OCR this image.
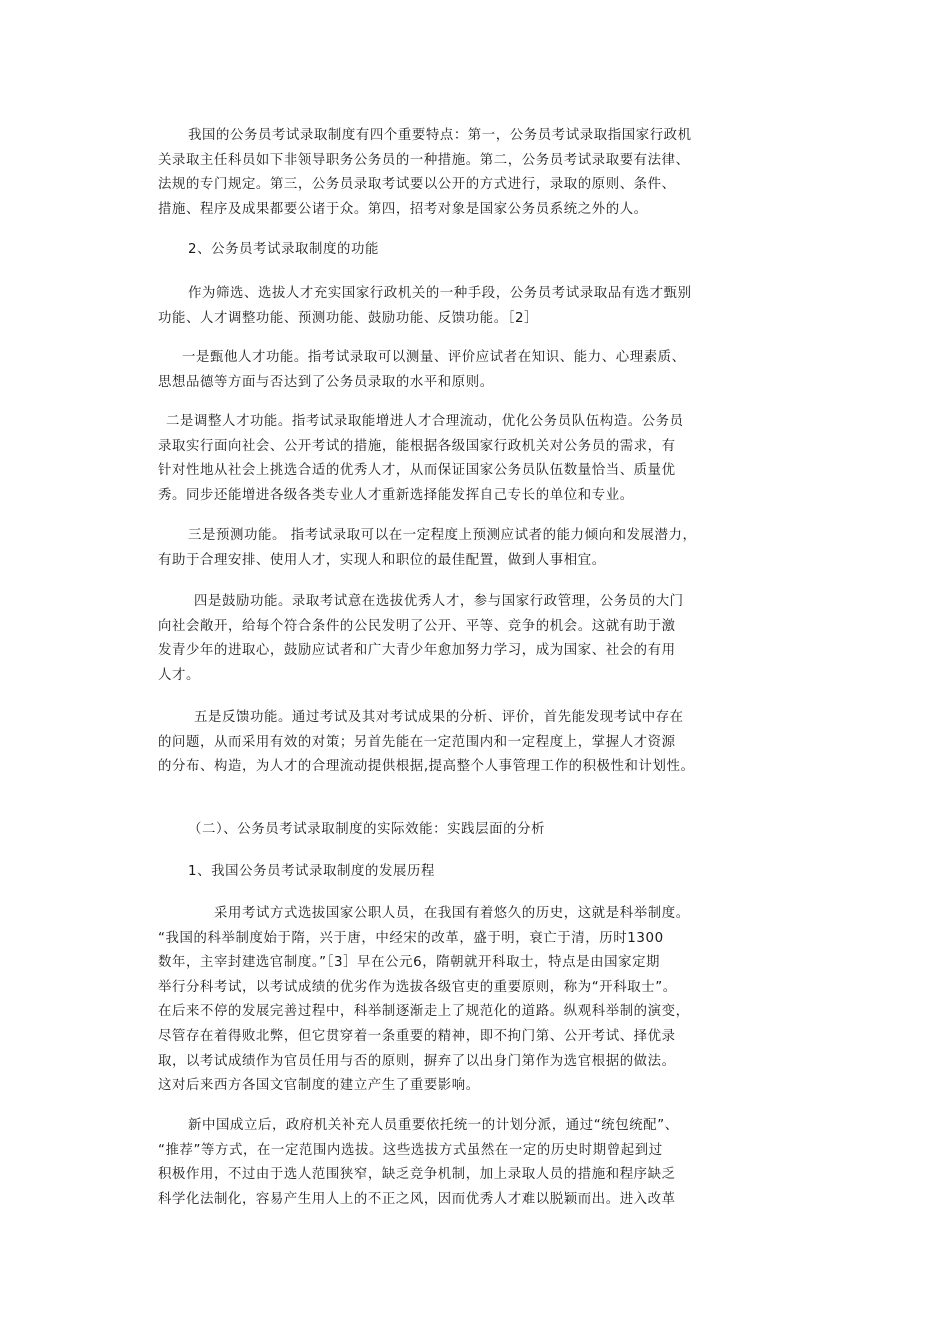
我国的公务员考试录取制度有四个重要特点：第一，公务员考试录取指国家行政机
关录取主任科员如下非领导职务公务员的一种措施。第二，公务员考试录取要有法律、
法规的专门规定。第三，公务员录取考试要以公开的方式进行，录取的原则、条件、
措施、程序及成果都要公诸于众。第四，招考对象是国家公务员系统之外的人。
2、公务员考试录取制度的功能
作为筛选、选拔人才充实国家行政机关的一种手段，公务员考试录取品有选才甄别
功能、人才调整功能、预测功能、鼓励功能、反馈功能。［2］
一是甄他人才功能。指考试录取可以测量、评价应试者在知识、能力、心理素质、
思想品德等方面与否达到了公务员录取的水平和原则。
二是调整人才功能。指考试录取能增进人才合理流动，优化公务员队伍构造。公务员
录取实行面向社会、公开考试的措施，能根据各级国家行政机关对公务员的需求，有
针对性地从社会上挑选合适的优秀人才，从而保证国家公务员队伍数量恰当、质量优
秀。同步还能增进各级各类专业人才重新选择能发挥自己专长的单位和专业。
三是预测功能。 指考试录取可以在一定程度上预测应试者的能力倾向和发展潜力，
有助于合理安排、使用人才，实现人和职位的最佳配置，做到人事相宜。
四是鼓励功能。录取考试意在选拔优秀人才，参与国家行政管理，公务员的大门
向社会敞开，给每个符合条件的公民发明了公开、平等、竞争的机会。这就有助于激
发青少年的进取心，鼓励应试者和广大青少年愈加努力学习，成为国家、社会的有用
人才。
五是反馈功能。通过考试及其对考试成果的分析、评价，首先能发现考试中存在
的问题，从而采用有效的对策；另首先能在一定范围内和一定程度上，掌握人才资源
的分布、构造，为人才的合理流动提供根据,提高整个人事管理工作的积极性和计划性。
（二）、公务员考试录取制度的实际效能：实践层面的分析
1、我国公务员考试录取制度的发展历程
采用考试方式选拔国家公职人员，在我国有着悠久的历史，这就是科举制度。
“我国的科举制度始于隋，兴于唐，中经宋的改革，盛于明，衰亡于清，历时1300
数年，主宰封建选官制度。”［3］早在公元6，隋朝就开科取士，特点是由国家定期
举行分科考试，以考试成绩的优劣作为选拔各级官吏的重要原则，称为“开科取士”。
在后来不停的发展完善过程中，科举制逐渐走上了规范化的道路。纵观科举制的演变，
尽管存在着得败北弊，但它贯穿着一条重要的精神，即不拘门第、公开考试、择优录
取，以考试成绩作为官员任用与否的原则，摒弃了以出身门第作为选官根据的做法。
这对后来西方各国文官制度的建立产生了重要影响。
新中国成立后，政府机关补充人员重要依托统一的计划分派，通过“统包统配”、
“推荐”等方式，在一定范围内选拔。这些选拔方式虽然在一定的历史时期曾起到过
积极作用，不过由于选人范围狭窄，缺乏竞争机制，加上录取人员的措施和程序缺乏
科学化法制化，容易产生用人上的不正之风，因而优秀人才难以脱颖而出。进入改革
